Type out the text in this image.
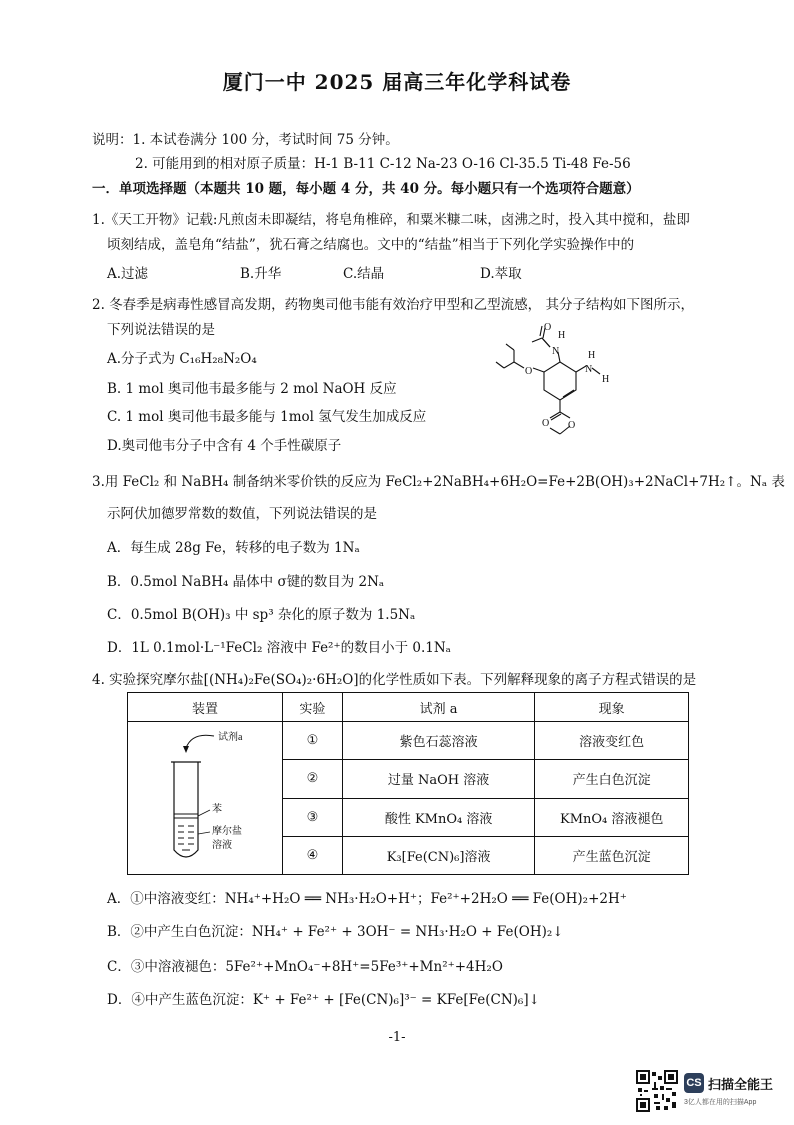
厦门一中 2025 届高三年化学科试卷
说明：1. 本试卷满分 100 分，考试时间 75 分钟。
2. 可能用到的相对原子质量：H-1 B-11 C-12 Na-23 O-16 Cl-35.5 Ti-48 Fe-56
一．单项选择题（本题共 10 题，每小题 4 分，共 40 分。每小题只有一个选项符合题意）
1.《天工开物》记载:凡煎卤未即凝结，将皂角椎碎，和粟米糠二味，卤沸之时，投入其中搅和，盐即
顷刻结成，盖皂角“结盐”，犹石膏之结腐也。文中的“结盐”相当于下列化学实验操作中的
A.过滤	B.升华	C.结晶	D.萃取
2. 冬春季是病毒性感冒高发期，药物奥司他韦能有效治疗甲型和乙型流感， 其分子结构如下图所示，
下列说法错误的是
A.分子式为 C₁₆H₂₈N₂O₄
B. 1 mol 奥司他韦最多能与 2 mol NaOH 反应
C. 1 mol 奥司他韦最多能与 1mol 氢气发生加成反应
D.奥司他韦分子中含有 4 个手性碳原子
N
H
O
N
H
H
O
O O
3.用 FeCl₂ 和 NaBH₄ 制备纳米零价铁的反应为 FeCl₂+2NaBH₄+6H₂O=Fe+2B(OH)₃+2NaCl+7H₂↑。Nₐ 表
示阿伏加德罗常数的数值，下列说法错误的是
A．每生成 28g Fe，转移的电子数为 1Nₐ
B．0.5mol NaBH₄ 晶体中 σ键的数目为 2Nₐ
C．0.5mol B(OH)₃ 中 sp³ 杂化的原子数为 1.5Nₐ
D．1L 0.1mol·L⁻¹FeCl₂ 溶液中 Fe²⁺的数目小于 0.1Nₐ
4. 实验探究摩尔盐[(NH₄)₂Fe(SO₄)₂·6H₂O]的化学性质如下表。下列解释现象的离子方程式错误的是
装置	实验	试剂 a	现象

试剂a
苯
摩尔盐
溶液	①	紫色石蕊溶液	溶液变红色
	②	过量 NaOH 溶液	产生白色沉淀
	③	酸性 KMnO₄ 溶液	KMnO₄ 溶液褪色
	④	K₃[Fe(CN)₆]溶液	产生蓝色沉淀
A．①中溶液变红：NH₄⁺+H₂O ══ NH₃·H₂O+H⁺；Fe²⁺+2H₂O ══ Fe(OH)₂+2H⁺
B．②中产生白色沉淀：NH₄⁺ + Fe²⁺ + 3OH⁻ = NH₃·H₂O + Fe(OH)₂↓
C．③中溶液褪色：5Fe²⁺+MnO₄⁻+8H⁺=5Fe³⁺+Mn²⁺+4H₂O
D．④中产生蓝色沉淀：K⁺ + Fe²⁺ + [Fe(CN)₆]³⁻ = KFe[Fe(CN)₆]↓
-1-
CS 扫描全能王
3亿人都在用的扫描App
